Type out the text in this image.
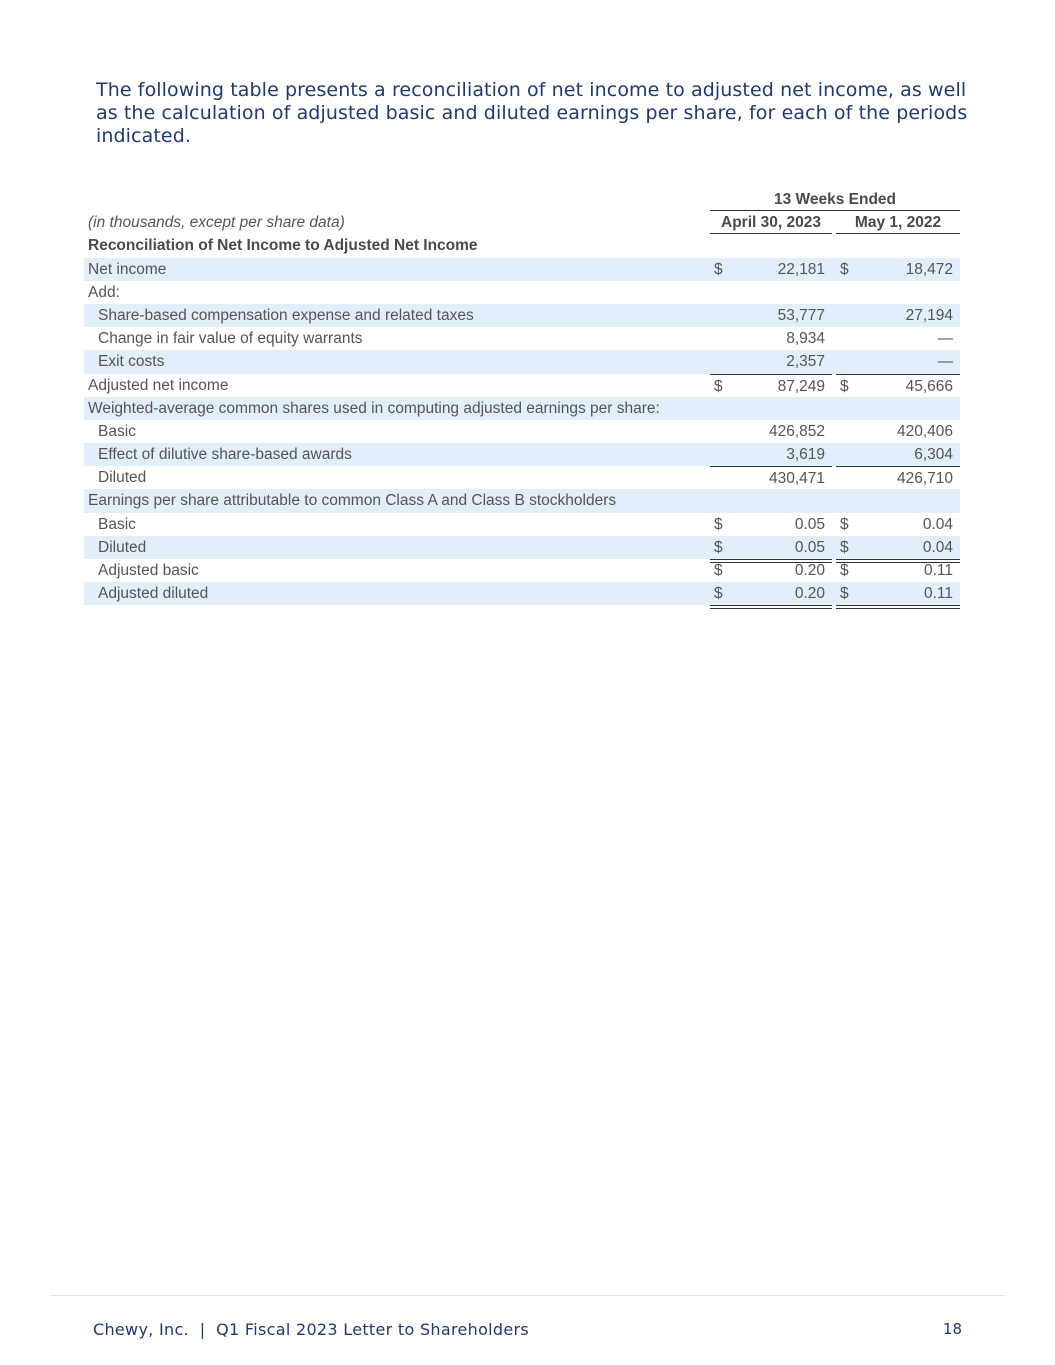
The following table presents a reconciliation of net income to adjusted net income, as well as the calculation of adjusted basic and diluted earnings per share, for each of the periods indicated.

13 Weeks Ended
(in thousands, except per share data)	April 30, 2023	May 1, 2022
Reconciliation of Net Income to Adjusted Net Income
Net income	$	22,181 $	18,472
Add:
Share-based compensation expense and related taxes	53,777	27,194
Change in fair value of equity warrants	8,934	—
Exit costs	2,357	—
Adjusted net income	$	87,249 $	45,666
Weighted-average common shares used in computing adjusted earnings per share:
Basic	426,852	420,406
Effect of dilutive share-based awards	3,619	6,304
Diluted	430,471	426,710
Earnings per share attributable to common Class A and Class B stockholders
Basic	$	0.05 $	0.04
Diluted	$	0.05 $	0.04
Adjusted basic	$	0.20 $	0.11
Adjusted diluted	$	0.20 $	0.11
Chewy, Inc.  |  Q1 Fiscal 2023 Letter to Shareholders	18
